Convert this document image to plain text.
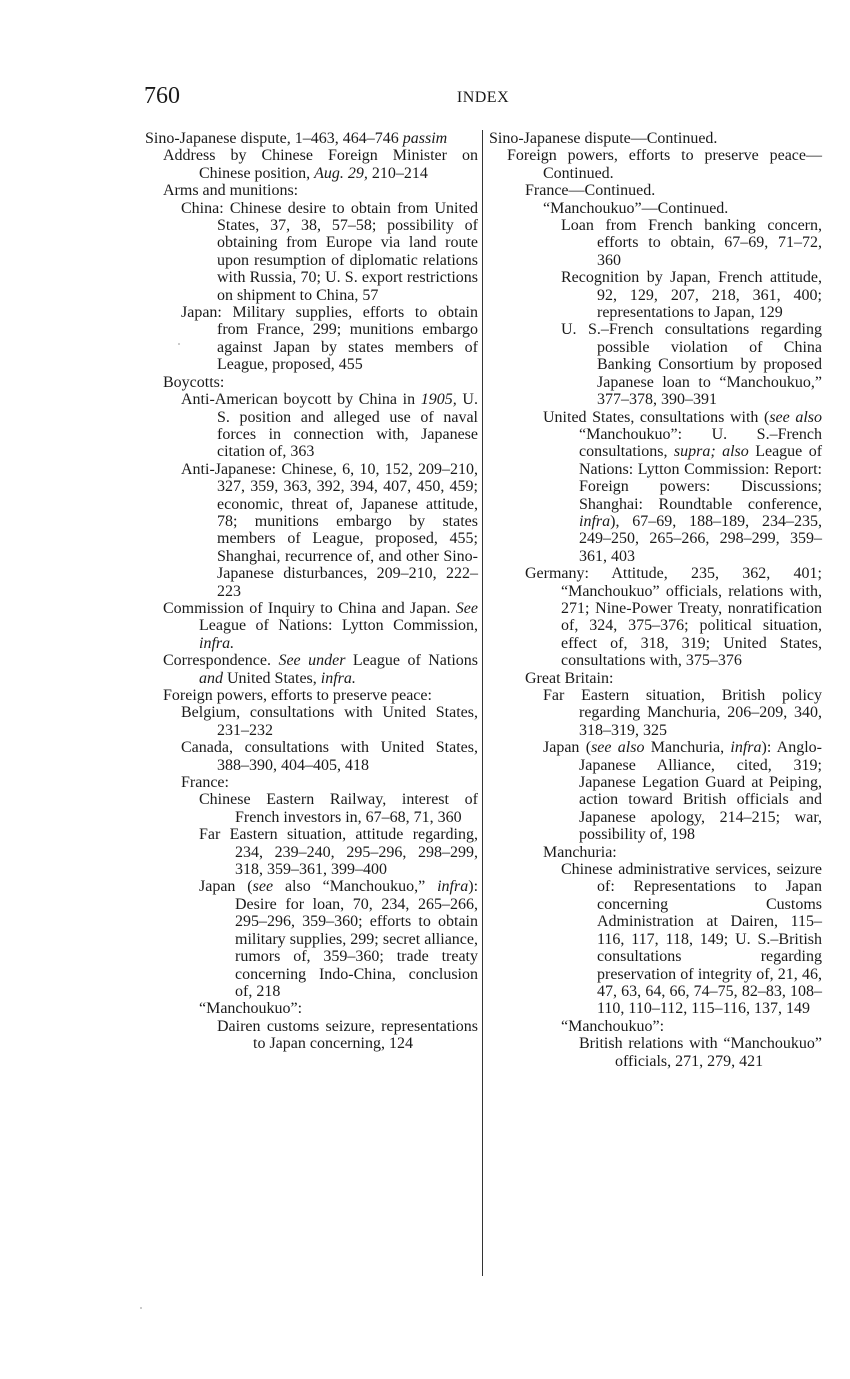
760	INDEX
Sino-Japanese dispute, 1–463, 464–746 passim
Address by Chinese Foreign Minister on Chinese position, Aug. 29, 210–214
Arms and munitions:
China: Chinese desire to obtain from United States, 37, 38, 57–58; possibility of obtaining from Europe via land route upon resumption of diplomatic relations with Russia, 70; U. S. export restrictions on shipment to China, 57
Japan: Military supplies, efforts to obtain from France, 299; munitions embargo against Japan by states members of League, proposed, 455
Boycotts:
Anti-American boycott by China in 1905, U. S. position and alleged use of naval forces in connection with, Japanese citation of, 363
Anti-Japanese: Chinese, 6, 10, 152, 209–210, 327, 359, 363, 392, 394, 407, 450, 459; economic, threat of, Japanese attitude, 78; munitions embargo by states members of League, proposed, 455; Shanghai, recurrence of, and other Sino-Japanese disturbances, 209–210, 222–223
Commission of Inquiry to China and Japan. See League of Nations: Lytton Commission, infra.
Correspondence. See under League of Nations and United States, infra.
Foreign powers, efforts to preserve peace:
Belgium, consultations with United States, 231–232
Canada, consultations with United States, 388–390, 404–405, 418
France:
Chinese Eastern Railway, interest of French investors in, 67–68, 71, 360
Far Eastern situation, attitude regarding, 234, 239–240, 295–296, 298–299, 318, 359–361, 399–400
Japan (see also “Manchoukuo,” infra): Desire for loan, 70, 234, 265–266, 295–296, 359–360; efforts to obtain military supplies, 299; secret alliance, rumors of, 359–360; trade treaty concerning Indo-China, conclusion of, 218
“Manchoukuo”:
Dairen customs seizure, representations to Japan concerning, 124
Sino-Japanese dispute—Continued.
Foreign powers, efforts to preserve peace—Continued.
France—Continued.
“Manchoukuo”—Continued.
Loan from French banking concern, efforts to obtain, 67–69, 71–72, 360
Recognition by Japan, French attitude, 92, 129, 207, 218, 361, 400; representations to Japan, 129
U. S.–French consultations regarding possible violation of China Banking Consortium by proposed Japanese loan to “Manchoukuo,” 377–378, 390–391
United States, consultations with (see also “Manchoukuo”: U. S.–French consultations, supra; also League of Nations: Lytton Commission: Report: Foreign powers: Discussions; Shanghai: Roundtable conference, infra), 67–69, 188–189, 234–235, 249–250, 265–266, 298–299, 359–361, 403
Germany: Attitude, 235, 362, 401; “Manchoukuo” officials, relations with, 271; Nine-Power Treaty, nonratification of, 324, 375–376; political situation, effect of, 318, 319; United States, consultations with, 375–376
Great Britain:
Far Eastern situation, British policy regarding Manchuria, 206–209, 340, 318–319, 325
Japan (see also Manchuria, infra): Anglo-Japanese Alliance, cited, 319; Japanese Legation Guard at Peiping, action toward British officials and Japanese apology, 214–215; war, possibility of, 198
Manchuria:
Chinese administrative services, seizure of: Representations to Japan concerning Customs Administration at Dairen, 115–116, 117, 118, 149; U. S.–British consultations regarding preservation of integrity of, 21, 46, 47, 63, 64, 66, 74–75, 82–83, 108–110, 110–112, 115–116, 137, 149
“Manchoukuo”:
British relations with “Manchoukuo” officials, 271, 279, 421
